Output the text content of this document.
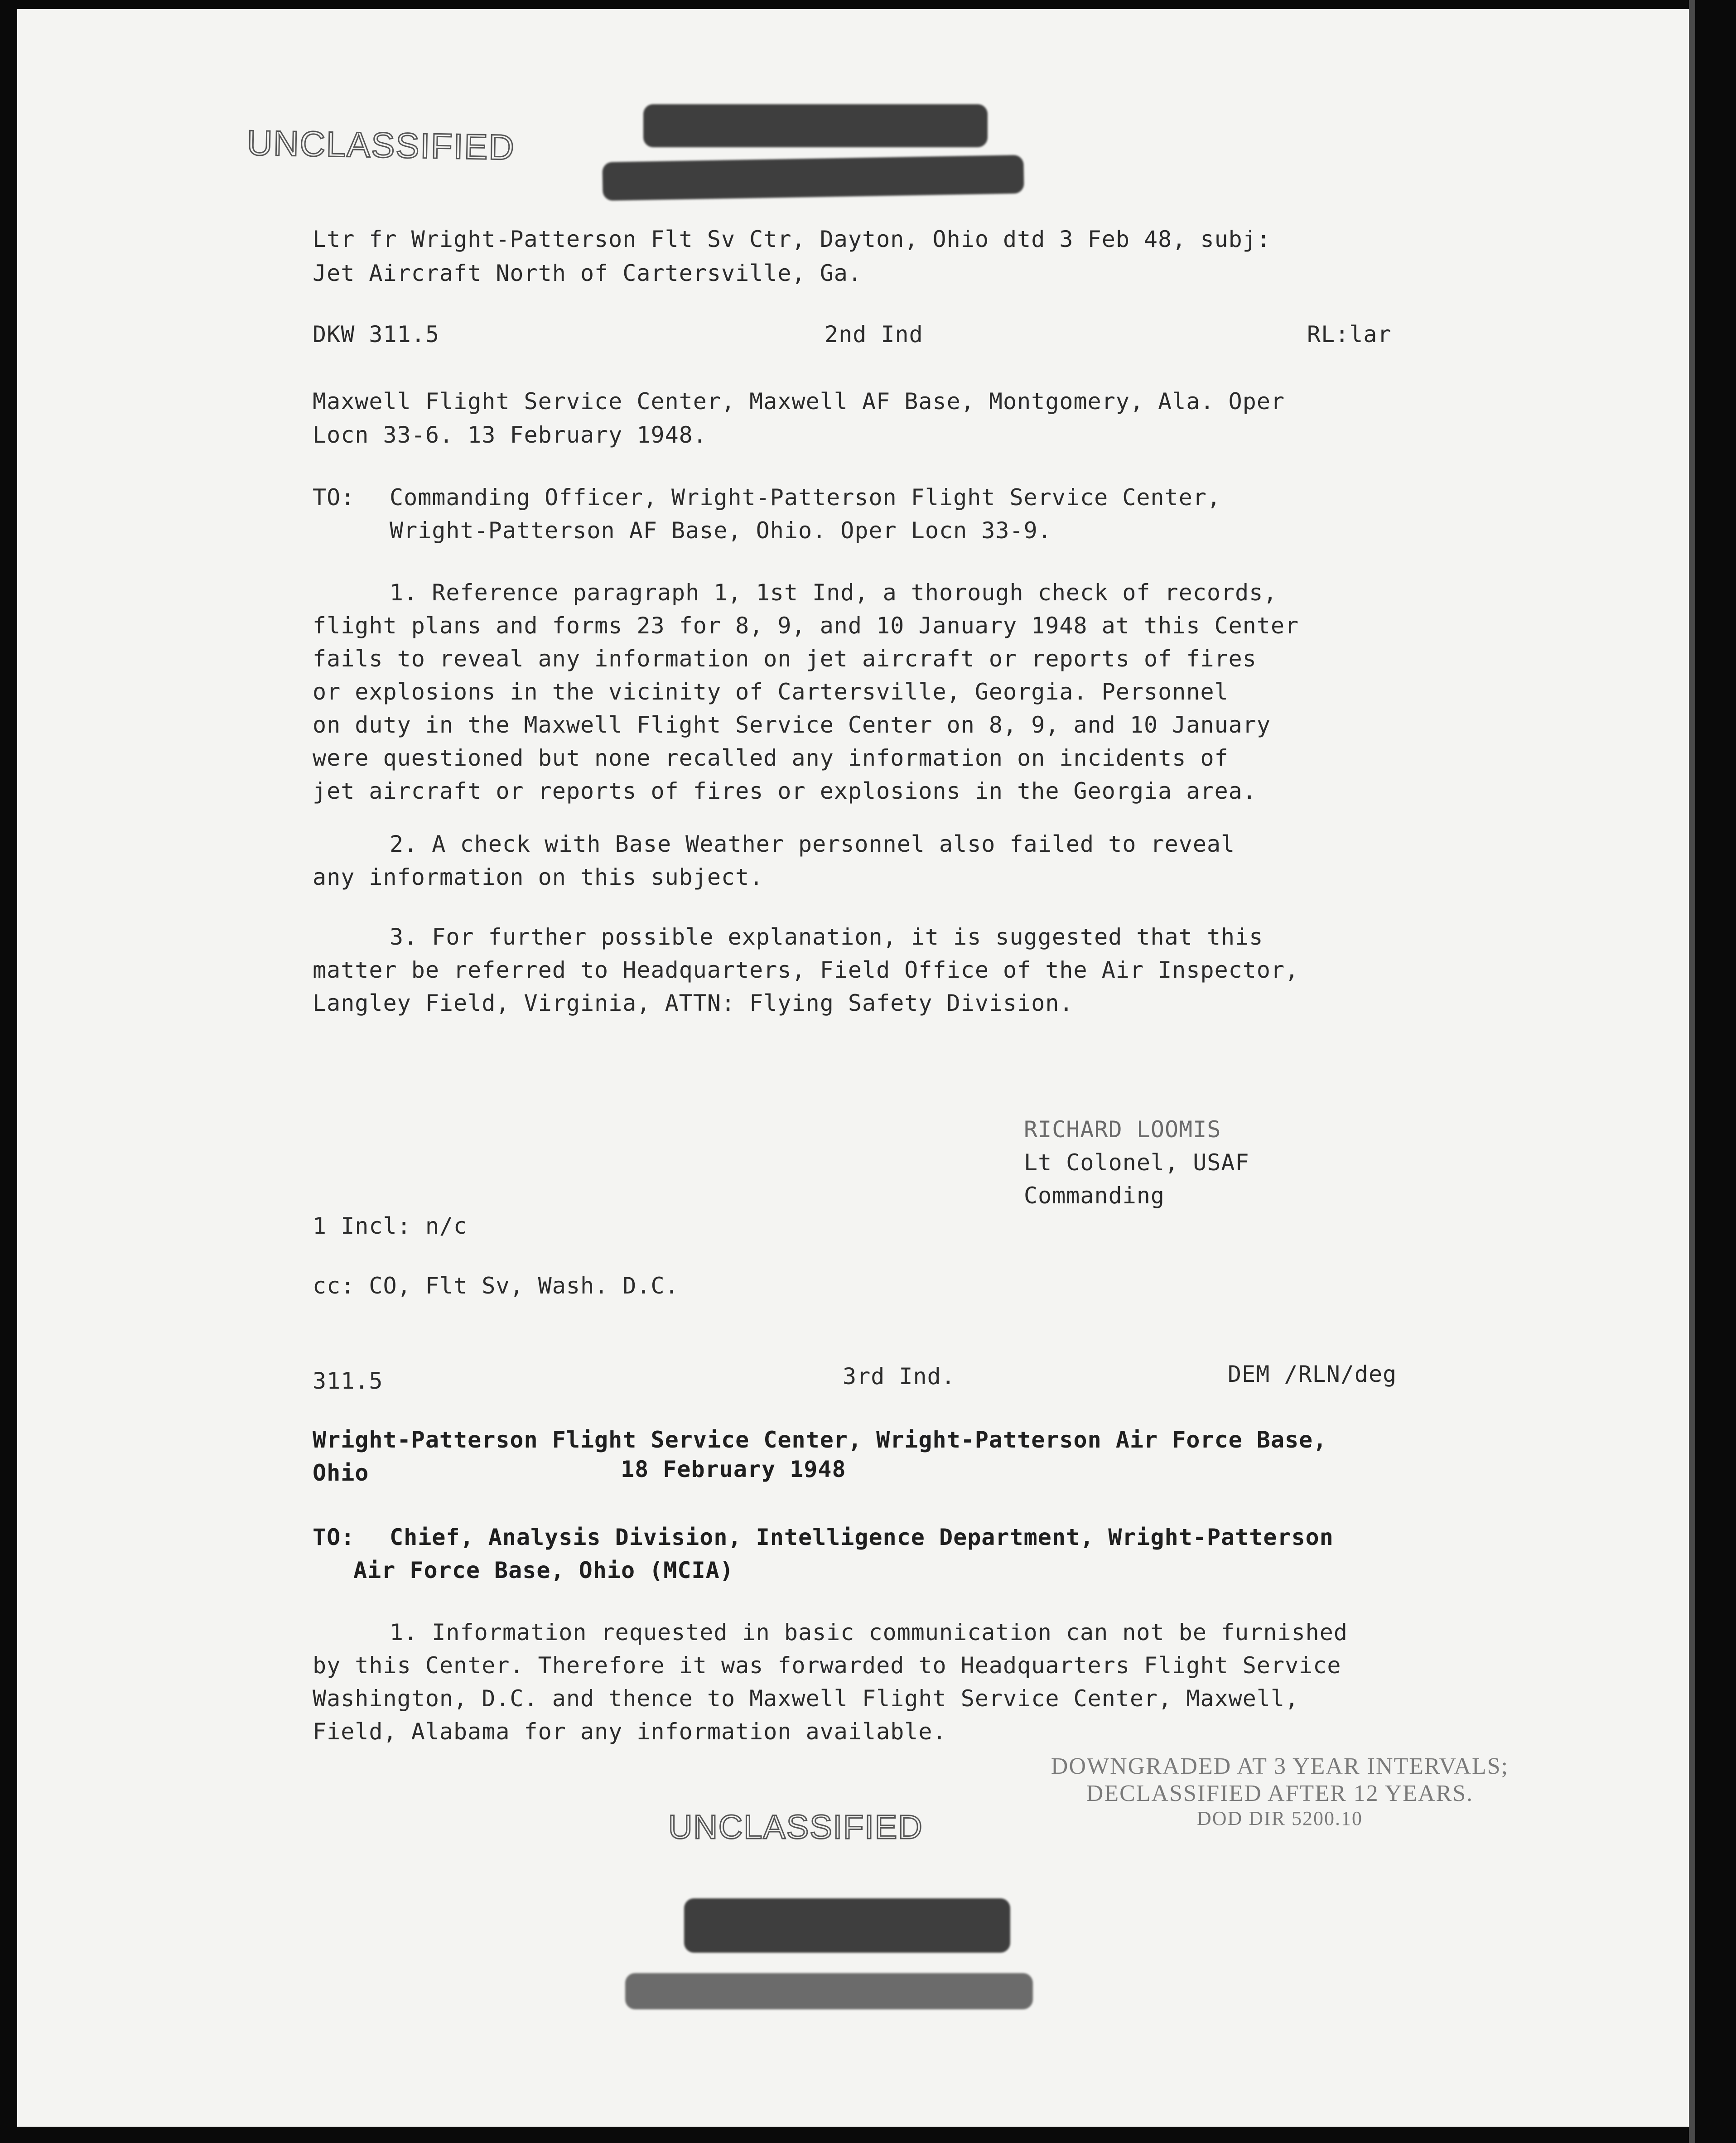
UNCLASSIFIED
Ltr fr Wright-Patterson Flt Sv Ctr, Dayton, Ohio dtd 3 Feb 48, subj:
Jet Aircraft North of Cartersville, Ga.
DKW 311.5	2nd Ind	RL:lar
Maxwell Flight Service Center, Maxwell AF Base, Montgomery, Ala. Oper
Locn 33-6. 13 February 1948.
TO: Commanding Officer, Wright-Patterson Flight Service Center,
Wright-Patterson AF Base, Ohio. Oper Locn 33-9.
1. Reference paragraph 1, 1st Ind, a thorough check of records,
flight plans and forms 23 for 8, 9, and 10 January 1948 at this Center
fails to reveal any information on jet aircraft or reports of fires
or explosions in the vicinity of Cartersville, Georgia. Personnel
on duty in the Maxwell Flight Service Center on 8, 9, and 10 January
were questioned but none recalled any information on incidents of
jet aircraft or reports of fires or explosions in the Georgia area.
2. A check with Base Weather personnel also failed to reveal
any information on this subject.
3. For further possible explanation, it is suggested that this
matter be referred to Headquarters, Field Office of the Air Inspector,
Langley Field, Virginia, ATTN: Flying Safety Division.
RICHARD LOOMIS
Lt Colonel, USAF
Commanding
1 Incl: n/c
cc: CO, Flt Sv, Wash. D.C.
311.5	3rd Ind.	DEM /RLN/deg
Wright-Patterson Flight Service Center, Wright-Patterson Air Force Base,
Ohio	18 February 1948
TO: Chief, Analysis Division, Intelligence Department, Wright-Patterson
Air Force Base, Ohio (MCIA)
1. Information requested in basic communication can not be furnished
by this Center. Therefore it was forwarded to Headquarters Flight Service
Washington, D.C. and thence to Maxwell Flight Service Center, Maxwell,
Field, Alabama for any information available.
DOWNGRADED AT 3 YEAR INTERVALS;
DECLASSIFIED AFTER 12 YEARS.
DOD DIR 5200.10
UNCLASSIFIED
